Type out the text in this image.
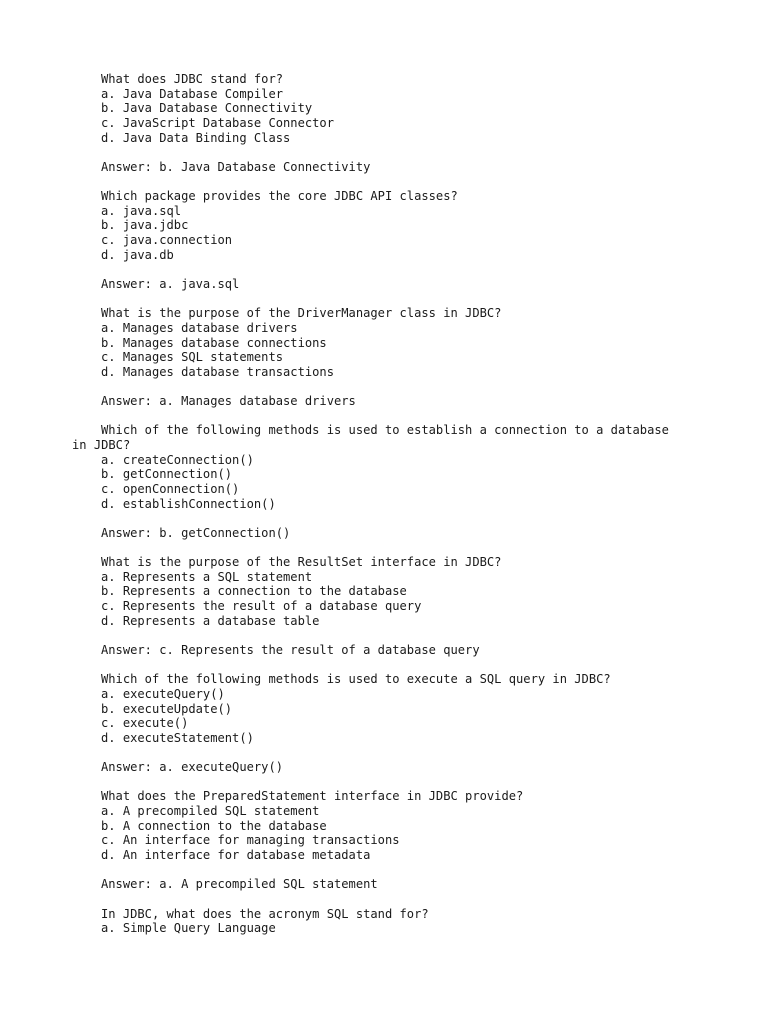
What does JDBC stand for?
a. Java Database Compiler
b. Java Database Connectivity
c. JavaScript Database Connector
d. Java Data Binding Class
Answer: b. Java Database Connectivity
Which package provides the core JDBC API classes?
a. java.sql
b. java.jdbc
c. java.connection
d. java.db
Answer: a. java.sql
What is the purpose of the DriverManager class in JDBC?
a. Manages database drivers
b. Manages database connections
c. Manages SQL statements
d. Manages database transactions
Answer: a. Manages database drivers
Which of the following methods is used to establish a connection to a database
in JDBC?
a. createConnection()
b. getConnection()
c. openConnection()
d. establishConnection()
Answer: b. getConnection()
What is the purpose of the ResultSet interface in JDBC?
a. Represents a SQL statement
b. Represents a connection to the database
c. Represents the result of a database query
d. Represents a database table
Answer: c. Represents the result of a database query
Which of the following methods is used to execute a SQL query in JDBC?
a. executeQuery()
b. executeUpdate()
c. execute()
d. executeStatement()
Answer: a. executeQuery()
What does the PreparedStatement interface in JDBC provide?
a. A precompiled SQL statement
b. A connection to the database
c. An interface for managing transactions
d. An interface for database metadata
Answer: a. A precompiled SQL statement
In JDBC, what does the acronym SQL stand for?
a. Simple Query Language
